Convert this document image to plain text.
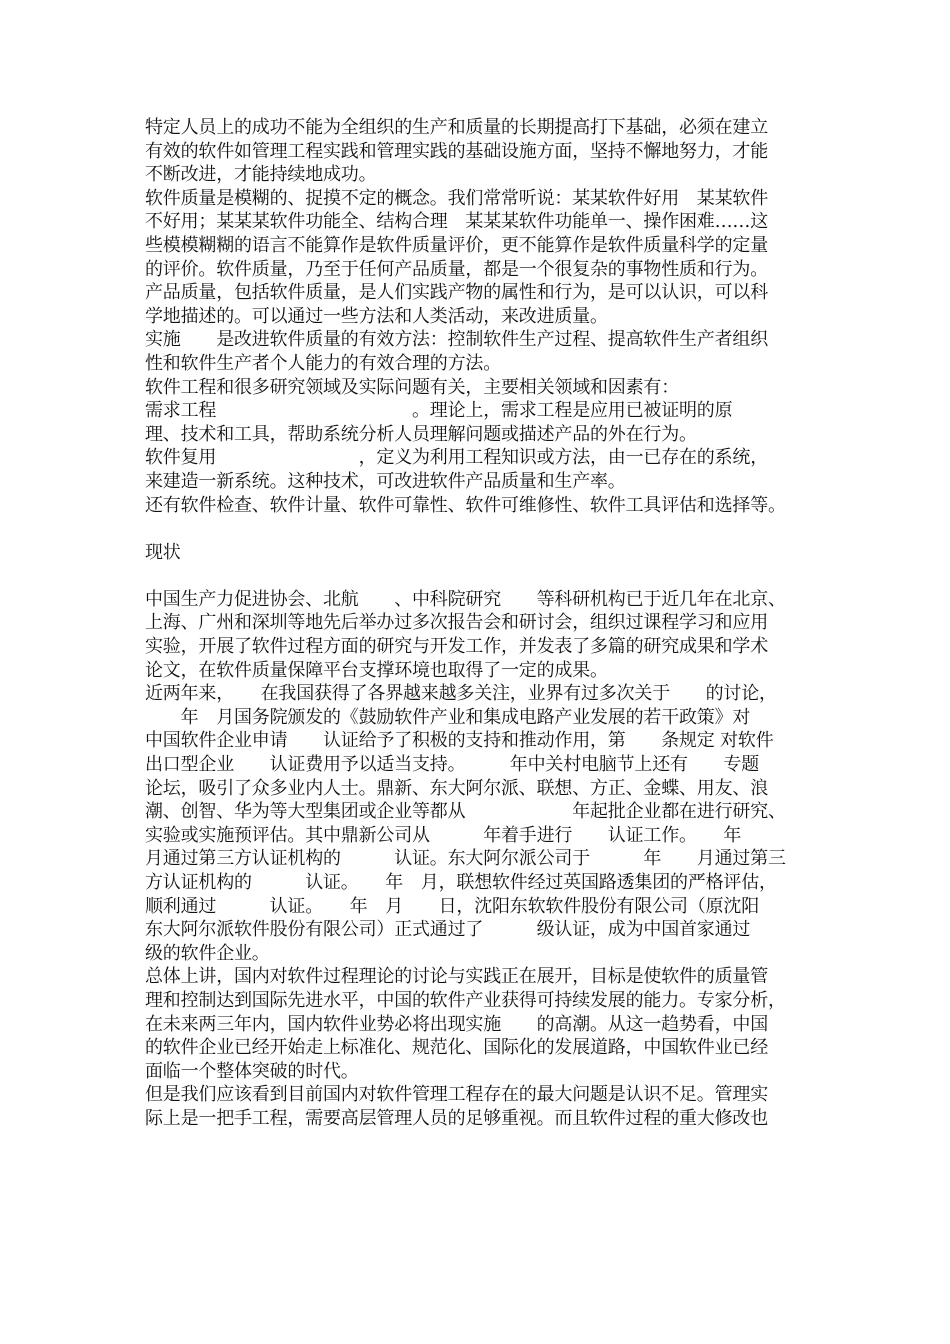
特定人员上的成功不能为全组织的生产和质量的长期提高打下基础，必须在建立
有效的软件如管理工程实践和管理实践的基础设施方面，坚持不懈地努力，才能
不断改进，才能持续地成功。
软件质量是模糊的、捉摸不定的概念。我们常常听说：某某软件好用　某某软件
不好用；某某某软件功能全、结构合理　某某某软件功能单一、操作困难……这
些模模糊糊的语言不能算作是软件质量评价，更不能算作是软件质量科学的定量
的评价。软件质量，乃至于任何产品质量，都是一个很复杂的事物性质和行为。
产品质量，包括软件质量，是人们实践产物的属性和行为，是可以认识，可以科
学地描述的。可以通过一些方法和人类活动，来改进质量。
实施　　是改进软件质量的有效方法：控制软件生产过程、提高软件生产者组织
性和软件生产者个人能力的有效合理的方法。
软件工程和很多研究领域及实际问题有关，主要相关领域和因素有：
需求工程　　　　　　　　　　　。理论上，需求工程是应用已被证明的原
理、技术和工具，帮助系统分析人员理解问题或描述产品的外在行为。
软件复用　　　　　　　　，定义为利用工程知识或方法，由一已存在的系统，
来建造一新系统。这种技术，可改进软件产品质量和生产率。
还有软件检查、软件计量、软件可靠性、软件可维修性、软件工具评估和选择等。
现状
中国生产力促进协会、北航　　、中科院研究　　等科研机构已于近几年在北京、
上海、广州和深圳等地先后举办过多次报告会和研讨会，组织过课程学习和应用
实验，开展了软件过程方面的研究与开发工作，并发表了多篇的研究成果和学术
论文，在软件质量保障平台支撑环境也取得了一定的成果。
近两年来，　　在我国获得了各界越来越多关注，业界有过多次关于　　的讨论，
　　年　月国务院颁发的《鼓励软件产业和集成电路产业发展的若干政策》对
中国软件企业申请　　认证给予了积极的支持和推动作用，第　　条规定 对软件
出口型企业　　认证费用予以适当支持。　　　年中关村电脑节上还有　　专题
论坛，吸引了众多业内人士。鼎新、东大阿尔派、联想、方正、金蝶、用友、浪
潮、创智、华为等大型集团或企业等都从　　　　　　年起批企业都在进行研究、
实验或实施预评估。其中鼎新公司从　　　年着手进行　　认证工作。　　年
月通过第三方认证机构的　　　认证。东大阿尔派公司于　　　年　　月通过第三
方认证机构的　　　认证。　　年　月，联想软件经过英国路透集团的严格评估，
顺利通过　　　认证。　　年　月　　日，沈阳东软软件股份有限公司（原沈阳
东大阿尔派软件股份有限公司）正式通过了　　　级认证，成为中国首家通过
级的软件企业。
总体上讲，国内对软件过程理论的讨论与实践正在展开，目标是使软件的质量管
理和控制达到国际先进水平，中国的软件产业获得可持续发展的能力。专家分析，
在未来两三年内，国内软件业势必将出现实施　　的高潮。从这一趋势看，中国
的软件企业已经开始走上标准化、规范化、国际化的发展道路，中国软件业已经
面临一个整体突破的时代。
但是我们应该看到目前国内对软件管理工程存在的最大问题是认识不足。管理实
际上是一把手工程，需要高层管理人员的足够重视。而且软件过程的重大修改也
